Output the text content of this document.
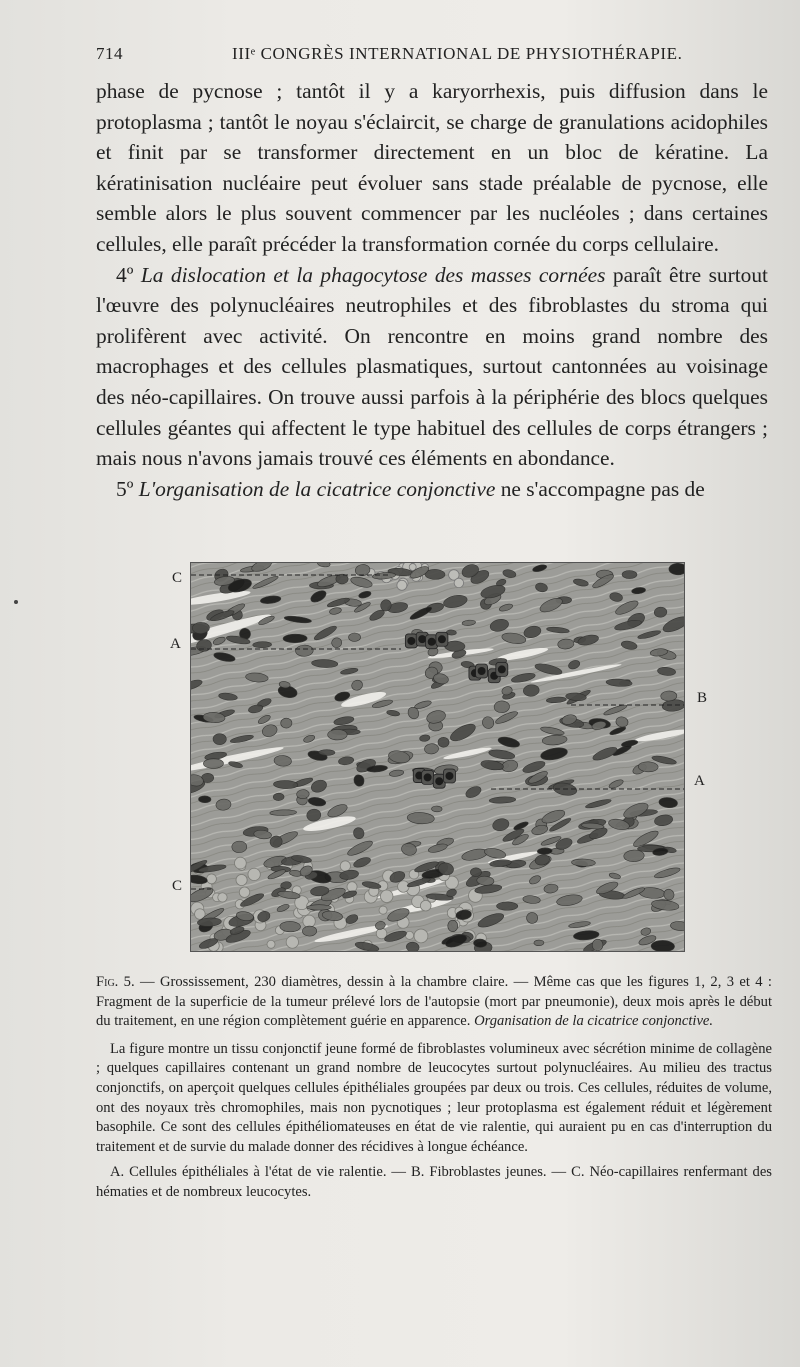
714	IIIᵉ CONGRÈS INTERNATIONAL DE PHYSIOTHÉRAPIE.

phase de pycnose ; tantôt il y a karyorrhexis, puis diffusion dans le protoplasma ; tantôt le noyau s'éclaircit, se charge de granulations acidophiles et finit par se transformer directement en un bloc de kératine. La kératinisation nucléaire peut évoluer sans stade préalable de pycnose, elle semble alors le plus souvent commencer par les nucléoles ; dans certaines cellules, elle paraît précéder la transformation cornée du corps cellulaire.

4º La dislocation et la phagocytose des masses cornées paraît être surtout l'œuvre des polynucléaires neutrophiles et des fibroblastes du stroma qui prolifèrent avec activité. On rencontre en moins grand nombre des macrophages et des cellules plasmatiques, surtout cantonnées au voisinage des néo-capillaires. On trouve aussi parfois à la périphérie des blocs quelques cellules géantes qui affectent le type habituel des cellules de corps étrangers ; mais nous n'avons jamais trouvé ces éléments en abondance.

5º L'organisation de la cicatrice conjonctive ne s'accompagne pas de

C
A
B
A
C

Fig. 5. — Grossissement, 230 diamètres, dessin à la chambre claire. — Même cas que les figures 1, 2, 3 et 4 : Fragment de la superficie de la tumeur prélevé lors de l'autopsie (mort par pneumonie), deux mois après le début du traitement, en une région complètement guérie en apparence. Organisation de la cicatrice conjonctive.

La figure montre un tissu conjonctif jeune formé de fibroblastes volumineux avec sécrétion minime de collagène ; quelques capillaires contenant un grand nombre de leucocytes surtout polynucléaires. Au milieu des tractus conjonctifs, on aperçoit quelques cellules épithéliales groupées par deux ou trois. Ces cellules, réduites de volume, ont des noyaux très chromophiles, mais non pycnotiques ; leur protoplasma est également réduit et légèrement basophile. Ce sont des cellules épithéliomateuses en état de vie ralentie, qui auraient pu en cas d'interruption du traitement et de survie du malade donner des récidives à longue échéance.

A. Cellules épithéliales à l'état de vie ralentie. — B. Fibroblastes jeunes. — C. Néo-capillaires renfermant des hématies et de nombreux leucocytes.
